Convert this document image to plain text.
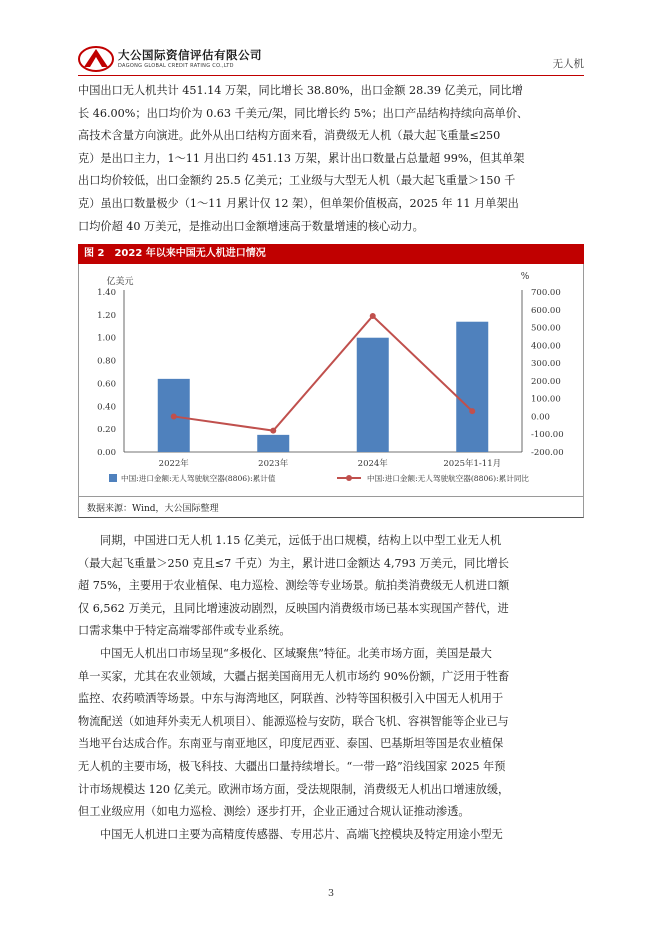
大公国际资信评估有限公司
DAGONG GLOBAL CREDIT RATING CO.,LTD	无人机
中国出口无人机共计 451.14 万架，同比增长 38.80%，出口金额 28.39 亿美元，同比增
长 46.00%；出口均价为 0.63 千美元/架，同比增长约 5%；出口产品结构持续向高单价、
高技术含量方向演进。此外从出口结构方面来看，消费级无人机（最大起飞重量≤250
克）是出口主力，1～11 月出口约 451.13 万架，累计出口数量占总量超 99%，但其单架
出口均价较低，出口金额约 25.5 亿美元；工业级与大型无人机（最大起飞重量＞150 千
克）虽出口数量极少（1～11 月累计仅 12 架），但单架价值极高，2025 年 11 月单架出
口均价超 40 万美元，是推动出口金额增速高于数量增速的核心动力。
图 2　2022 年以来中国无人机进口情况
亿美元	%
1.40
1.20
1.00
0.80
0.60
0.40
0.20
0.00
700.00
600.00
500.00
400.00
300.00
200.00
100.00
0.00
-100.00
-200.00
2022年	2023年	2024年	2025年1-11月
中国:进口金额:无人驾驶航空器(8806):累计值	中国:进口金额:无人驾驶航空器(8806):累计同比
数据来源：Wind，大公国际整理
同期，中国进口无人机 1.15 亿美元，远低于出口规模，结构上以中型工业无人机
（最大起飞重量＞250 克且≤7 千克）为主，累计进口金额达 4,793 万美元，同比增长
超 75%，主要用于农业植保、电力巡检、测绘等专业场景。航拍类消费级无人机进口额
仅 6,562 万美元，且同比增速波动剧烈，反映国内消费级市场已基本实现国产替代，进
口需求集中于特定高端零部件或专业系统。
中国无人机出口市场呈现“多极化、区域聚焦”特征。北美市场方面，美国是最大
单一买家，尤其在农业领域，大疆占据美国商用无人机市场约 90%份额，广泛用于牲畜
监控、农药喷洒等场景。中东与海湾地区，阿联酋、沙特等国积极引入中国无人机用于
物流配送（如迪拜外卖无人机项目）、能源巡检与安防，联合飞机、容祺智能等企业已与
当地平台达成合作。东南亚与南亚地区，印度尼西亚、泰国、巴基斯坦等国是农业植保
无人机的主要市场，极飞科技、大疆出口量持续增长。“一带一路”沿线国家 2025 年预
计市场规模达 120 亿美元。欧洲市场方面，受法规限制，消费级无人机出口增速放缓，
但工业级应用（如电力巡检、测绘）逐步打开，企业正通过合规认证推动渗透。
中国无人机进口主要为高精度传感器、专用芯片、高端飞控模块及特定用途小型无
3
